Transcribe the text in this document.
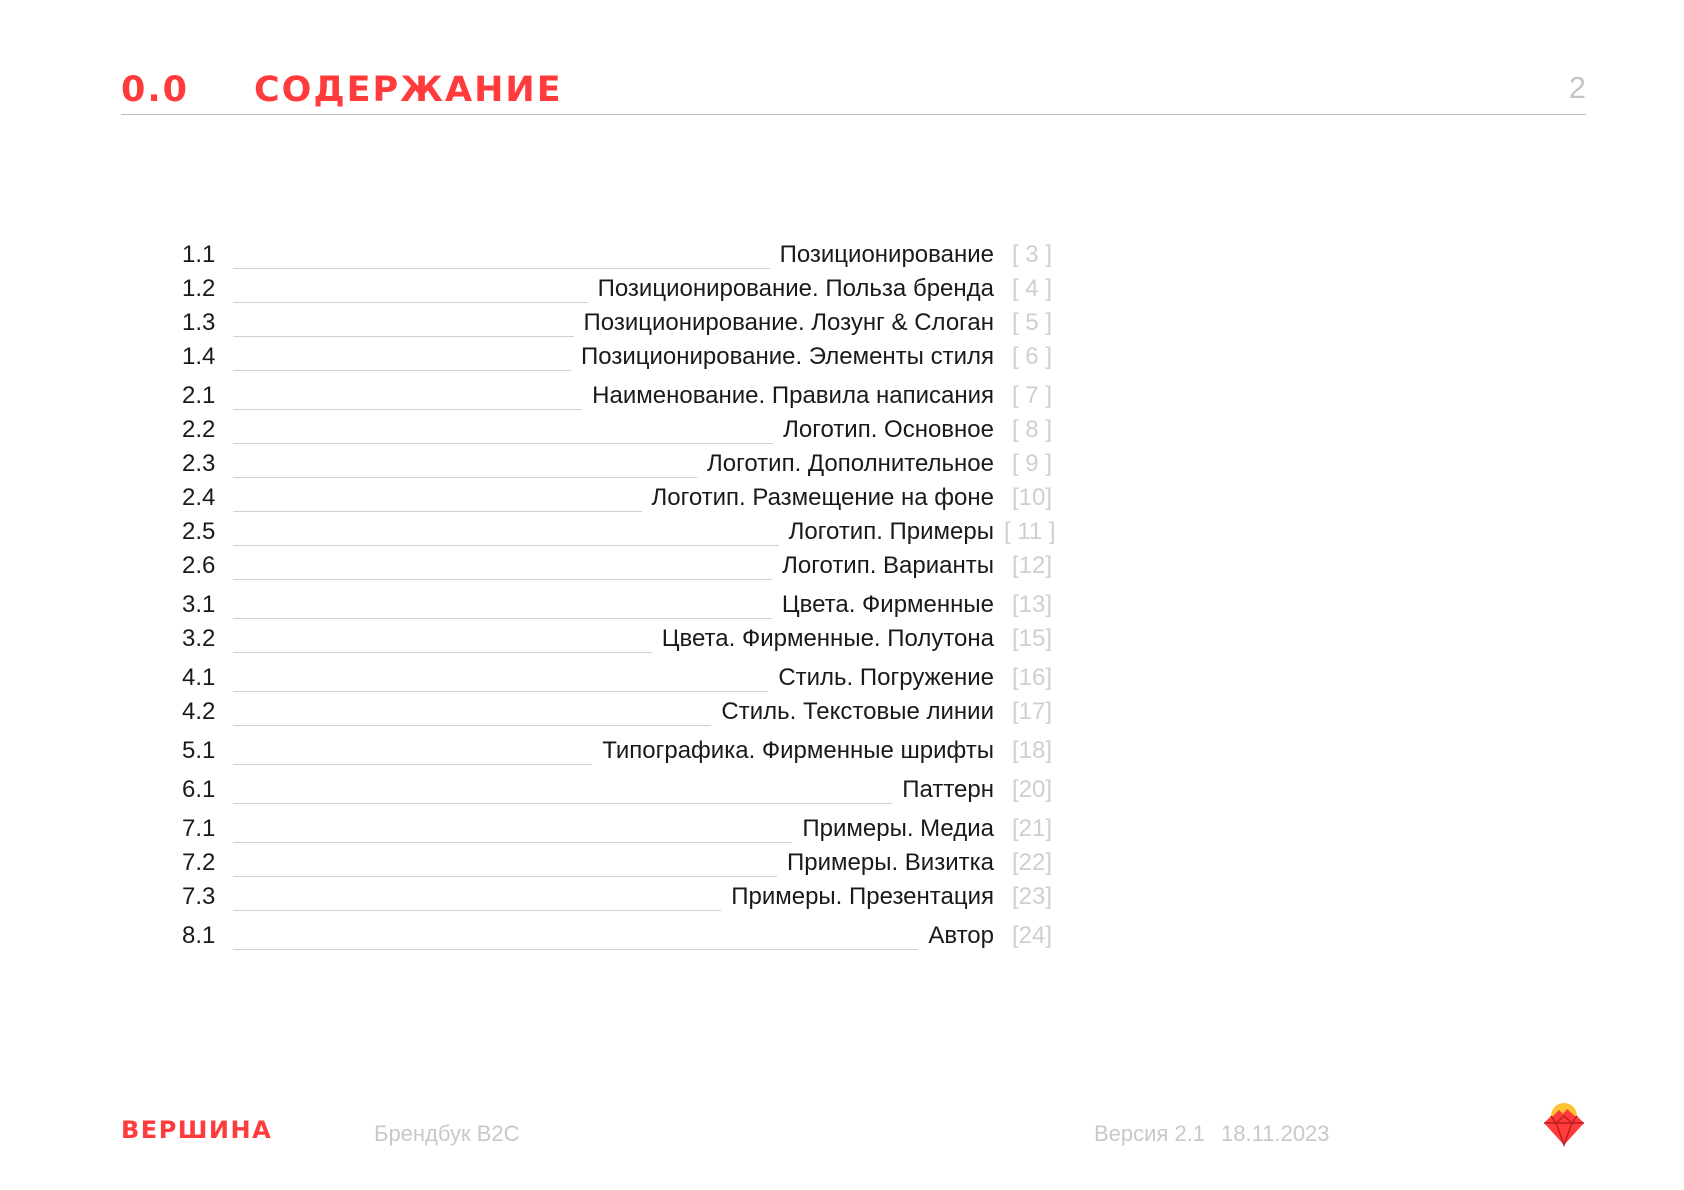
0.0 СОДЕРЖАНИЕ	2
1.1	Позиционирование [ 3 ]
1.2	Позиционирование. Польза бренда [ 4 ]
1.3	Позиционирование. Лозунг & Слоган [ 5 ]
1.4	Позиционирование. Элементы стиля [ 6 ]
2.1	Наименование. Правила написания [ 7 ]
2.2	Логотип. Основное [ 8 ]
2.3	Логотип. Дополнительное [ 9 ]
2.4	Логотип. Размещение на фоне [10]
2.5	Логотип. Примеры [ 11 ]
2.6	Логотип. Варианты [12]
3.1	Цвета. Фирменные [13]
3.2	Цвета. Фирменные. Полутона [15]
4.1	Стиль. Погружение [16]
4.2	Стиль. Текстовые линии [17]
5.1	Типографика. Фирменные шрифты [18]
6.1	Паттерн [20]
7.1	Примеры. Медиа [21]
7.2	Примеры. Визитка [22]
7.3	Примеры. Презентация [23]
8.1	Автор [24]
ВЕРШИНА	Брендбук B2C	Версия 2.1 18.11.2023
